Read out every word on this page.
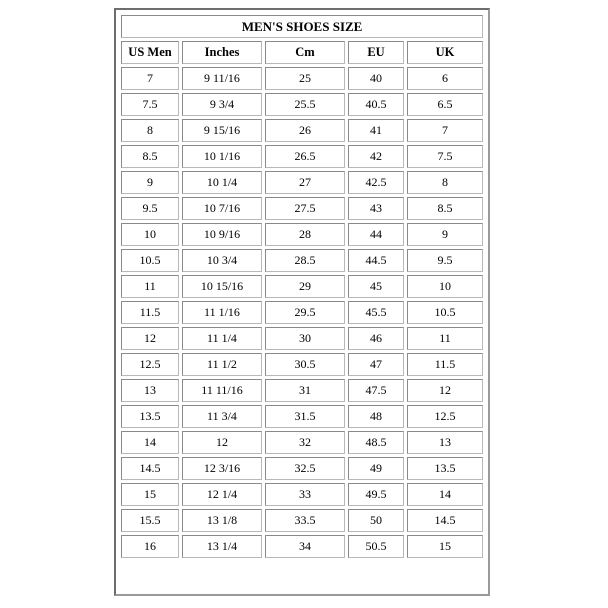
MEN'S SHOES SIZE				
US Men	Inches	Cm	EU	UK
7	9 11/16	25	40	6
7.5	9 3/4	25.5	40.5	6.5
8	9 15/16	26	41	7
8.5	10 1/16	26.5	42	7.5
9	10 1/4	27	42.5	8
9.5	10 7/16	27.5	43	8.5
10	10 9/16	28	44	9
10.5	10 3/4	28.5	44.5	9.5
11	10 15/16	29	45	10
11.5	11 1/16	29.5	45.5	10.5
12	11 1/4	30	46	11
12.5	11 1/2	30.5	47	11.5
13	11 11/16	31	47.5	12
13.5	11 3/4	31.5	48	12.5
14	12	32	48.5	13
14.5	12 3/16	32.5	49	13.5
15	12 1/4	33	49.5	14
15.5	13 1/8	33.5	50	14.5
16	13 1/4	34	50.5	15
